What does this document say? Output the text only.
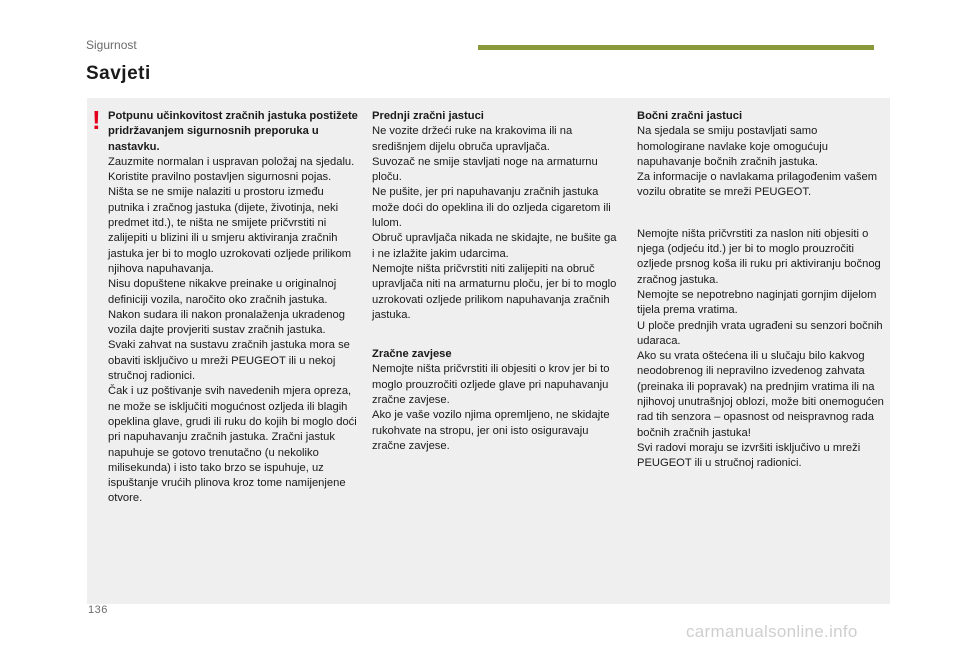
Sigurnost
Savjeti
! Potpunu učinkovitost zračnih jastuka postižete pridržavanjem sigurnosnih preporuka u nastavku.

Zauzmite normalan i uspravan položaj na sjedalu.

Koristite pravilno postavljen sigurnosni pojas.

Ništa se ne smije nalaziti u prostoru između putnika i zračnog jastuka (dijete, životinja, neki predmet itd.), te ništa ne smijete pričvrstiti ni zalijepiti u blizini ili u smjeru aktiviranja zračnih jastuka jer bi to moglo uzrokovati ozljede prilikom njihova napuhavanja.

Nisu dopuštene nikakve preinake u originalnoj definiciji vozila, naročito oko zračnih jastuka.

Nakon sudara ili nakon pronalaženja ukradenog vozila dajte provjeriti sustav zračnih jastuka.

Svaki zahvat na sustavu zračnih jastuka mora se obaviti isključivo u mreži PEUGEOT ili u nekoj stručnoj radionici.

Čak i uz poštivanje svih navedenih mjera opreza, ne može se isključiti mogućnost ozljeda ili blagih opeklina glave, grudi ili ruku do kojih bi moglo doći pri napuhavanju zračnih jastuka. Zračni jastuk napuhuje se gotovo trenutačno (u nekoliko milisekunda) i isto tako brzo se ispuhuje, uz ispuštanje vrućih plinova kroz tome namijenjene otvore.

Prednji zračni jastuci

Ne vozite držeći ruke na krakovima ili na središnjem dijelu obruča upravljača.

Suvozač ne smije stavljati noge na armaturnu ploču.

Ne pušite, jer pri napuhavanju zračnih jastuka može doći do opeklina ili do ozljeda cigaretom ili lulom.

Obruč upravljača nikada ne skidajte, ne bušite ga i ne izlažite jakim udarcima.

Nemojte ništa pričvrstiti niti zalijepiti na obruč upravljača niti na armaturnu ploču, jer bi to moglo uzrokovati ozljede prilikom napuhavanja zračnih jastuka.

Zračne zavjese

Nemojte ništa pričvrstiti ili objesiti o krov jer bi to moglo prouzročiti ozljede glave pri napuhavanju zračne zavjese.

Ako je vaše vozilo njima opremljeno, ne skidajte rukohvate na stropu, jer oni isto osiguravaju zračne zavjese.

Bočni zračni jastuci

Na sjedala se smiju postavljati samo homologirane navlake koje omogućuju napuhavanje bočnih zračnih jastuka.

Za informacije o navlakama prilagođenim vašem vozilu obratite se mreži PEUGEOT.

Nemojte ništa pričvrstiti za naslon niti objesiti o njega (odjeću itd.) jer bi to moglo prouzročiti ozljede prsnog koša ili ruku pri aktiviranju bočnog zračnog jastuka.

Nemojte se nepotrebno naginjati gornjim dijelom tijela prema vratima.

U ploče prednjih vrata ugrađeni su senzori bočnih udaraca.

Ako su vrata oštećena ili u slučaju bilo kakvog neodobrenog ili nepravilno izvedenog zahvata (preinaka ili popravak) na prednjim vratima ili na njihovoj unutrašnjoj oblozi, može biti onemogućen rad tih senzora – opasnost od neispravnog rada bočnih zračnih jastuka!

Svi radovi moraju se izvršiti isključivo u mreži PEUGEOT ili u stručnoj radionici.

136
carmanualsonline.info
